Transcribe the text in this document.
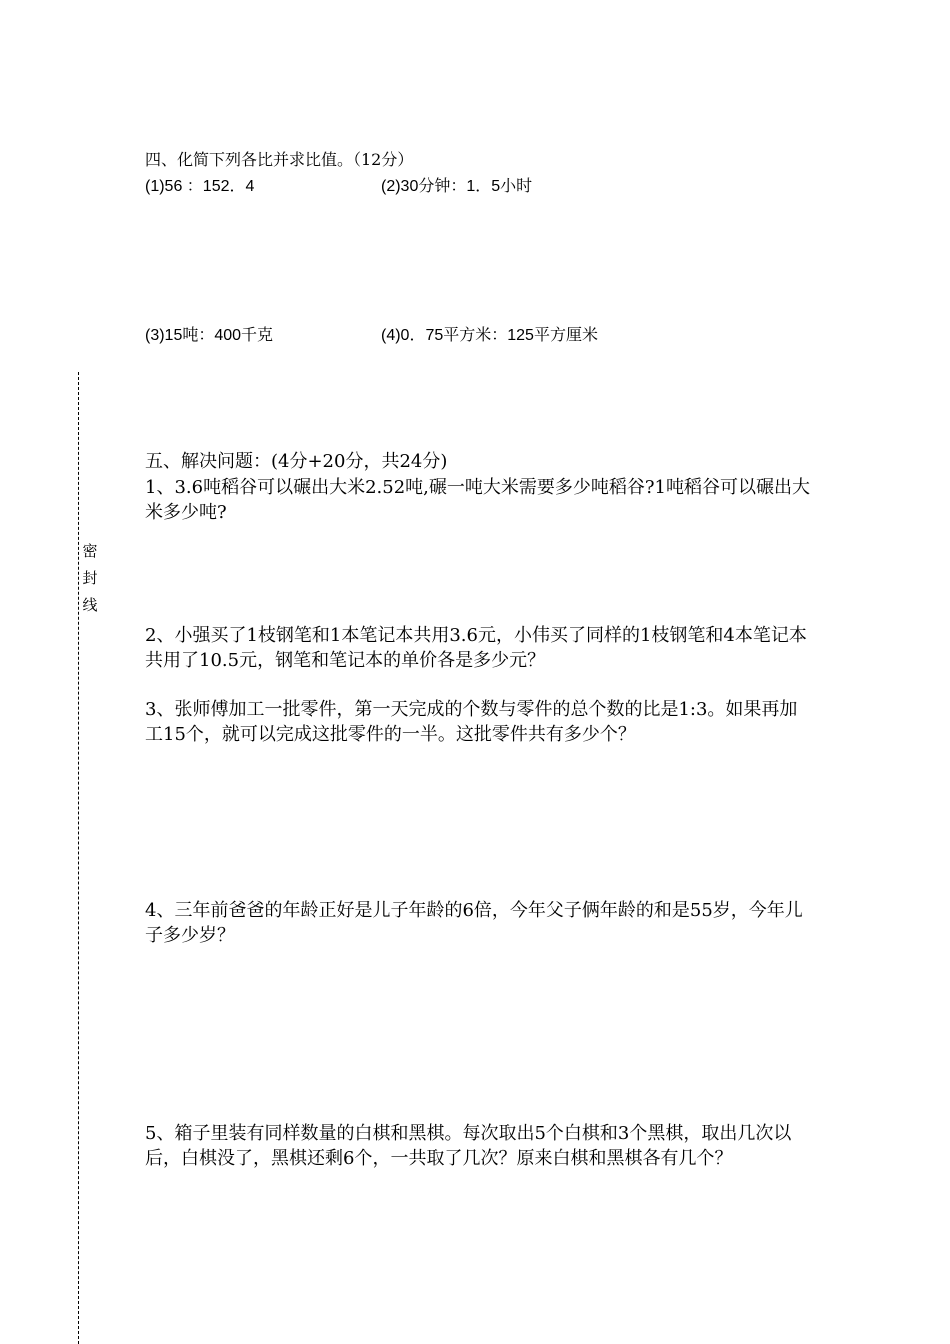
密封线
四、化简下列各比并求比值。（12分）
(1)56 ：152．4	(2)30分钟：1．5小时
(3)15吨：400千克	(4)0．75平方米：125平方厘米
五、解决问题：(4分+20分，共24分)
1、3.6吨稻谷可以碾出大米2.52吨,碾一吨大米需要多少吨稻谷?1吨稻谷可以碾出大米多少吨?
2、小强买了1枝钢笔和1本笔记本共用3.6元，小伟买了同样的1枝钢笔和4本笔记本共用了10.5元，钢笔和笔记本的单价各是多少元？
3、张师傅加工一批零件，第一天完成的个数与零件的总个数的比是1:3。如果再加工15个，就可以完成这批零件的一半。这批零件共有多少个？
4、三年前爸爸的年龄正好是儿子年龄的6倍，今年父子俩年龄的和是55岁，今年儿子多少岁？
5、箱子里装有同样数量的白棋和黑棋。每次取出5个白棋和3个黑棋，取出几次以后，白棋没了，黑棋还剩6个，一共取了几次？原来白棋和黑棋各有几个？
